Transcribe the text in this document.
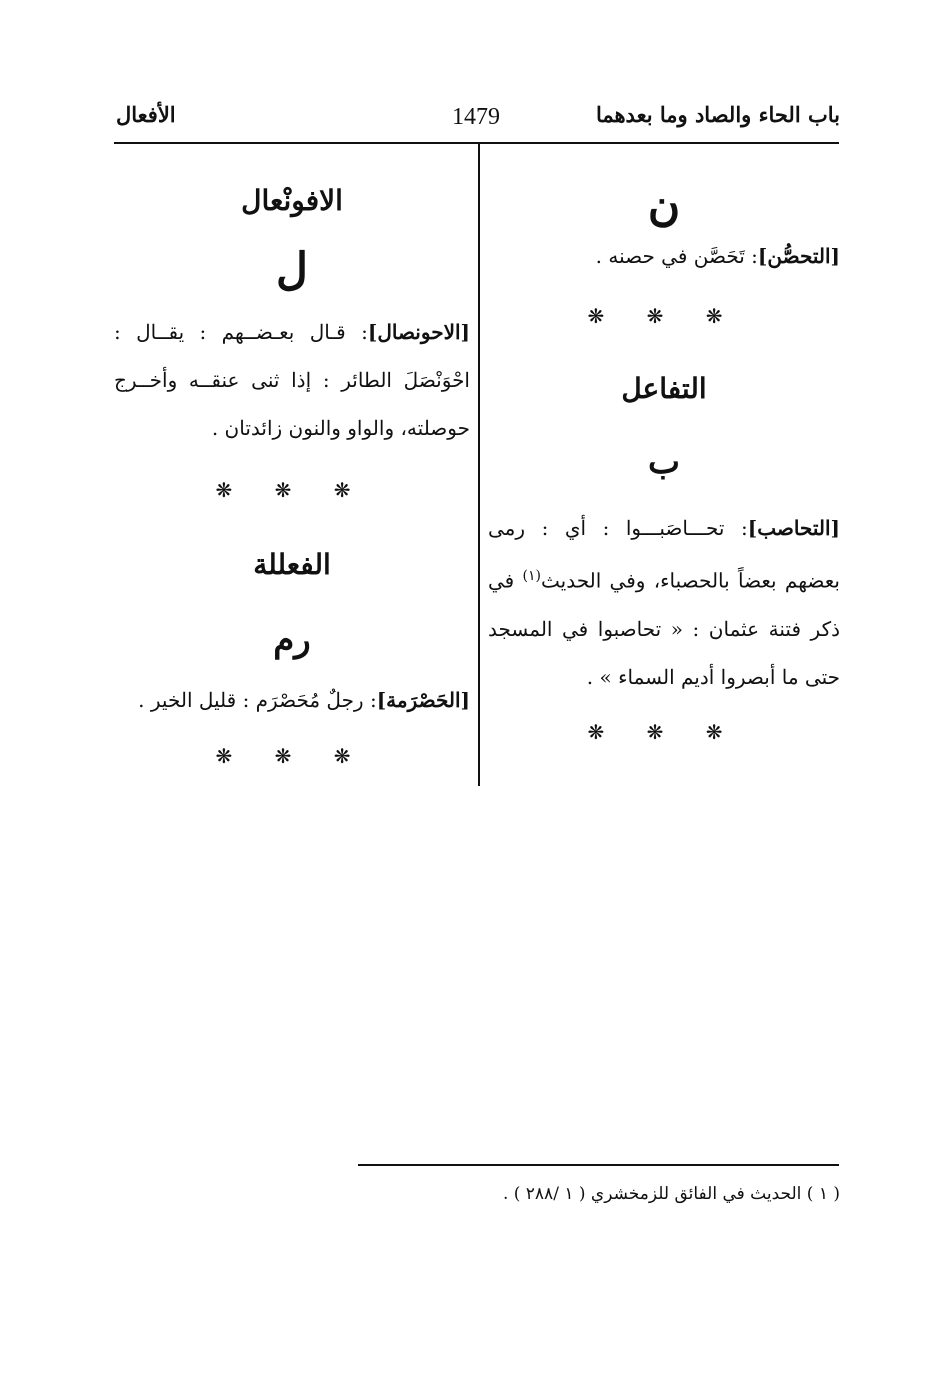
باب الحاء والصاد وما بعدهما
1479
الأفعال
ن
[التحصُّن]: تَحَصَّن في حصنه .
❋ ❋ ❋
التفاعل
ب
[التحاصب]: تحـــاصَبـــوا : أي : رمى بعضهم بعضاً بالحصباء، وفي الحديث$^{(١)}$ في ذكر فتنة عثمان : « تحاصبوا في المسجد حتى ما أبصروا أديم السماء » .
❋ ❋ ❋
الافونْعال
ل
[الاحونصال]: قـال بعـضــهم : يقــال : احْوَنْصَلَ الطائر : إذا ثنى عنقــه وأخــرج حوصلته، والواو والنون زائدتان .
❋ ❋ ❋
الفعللة
رم
[الحَصْرَمة]: رجلٌ مُحَصْرَم : قليل الخير .
❋ ❋ ❋
( ١ ) الحديث في الفائق للزمخشري ( ١ /٢٨٨ ) .
